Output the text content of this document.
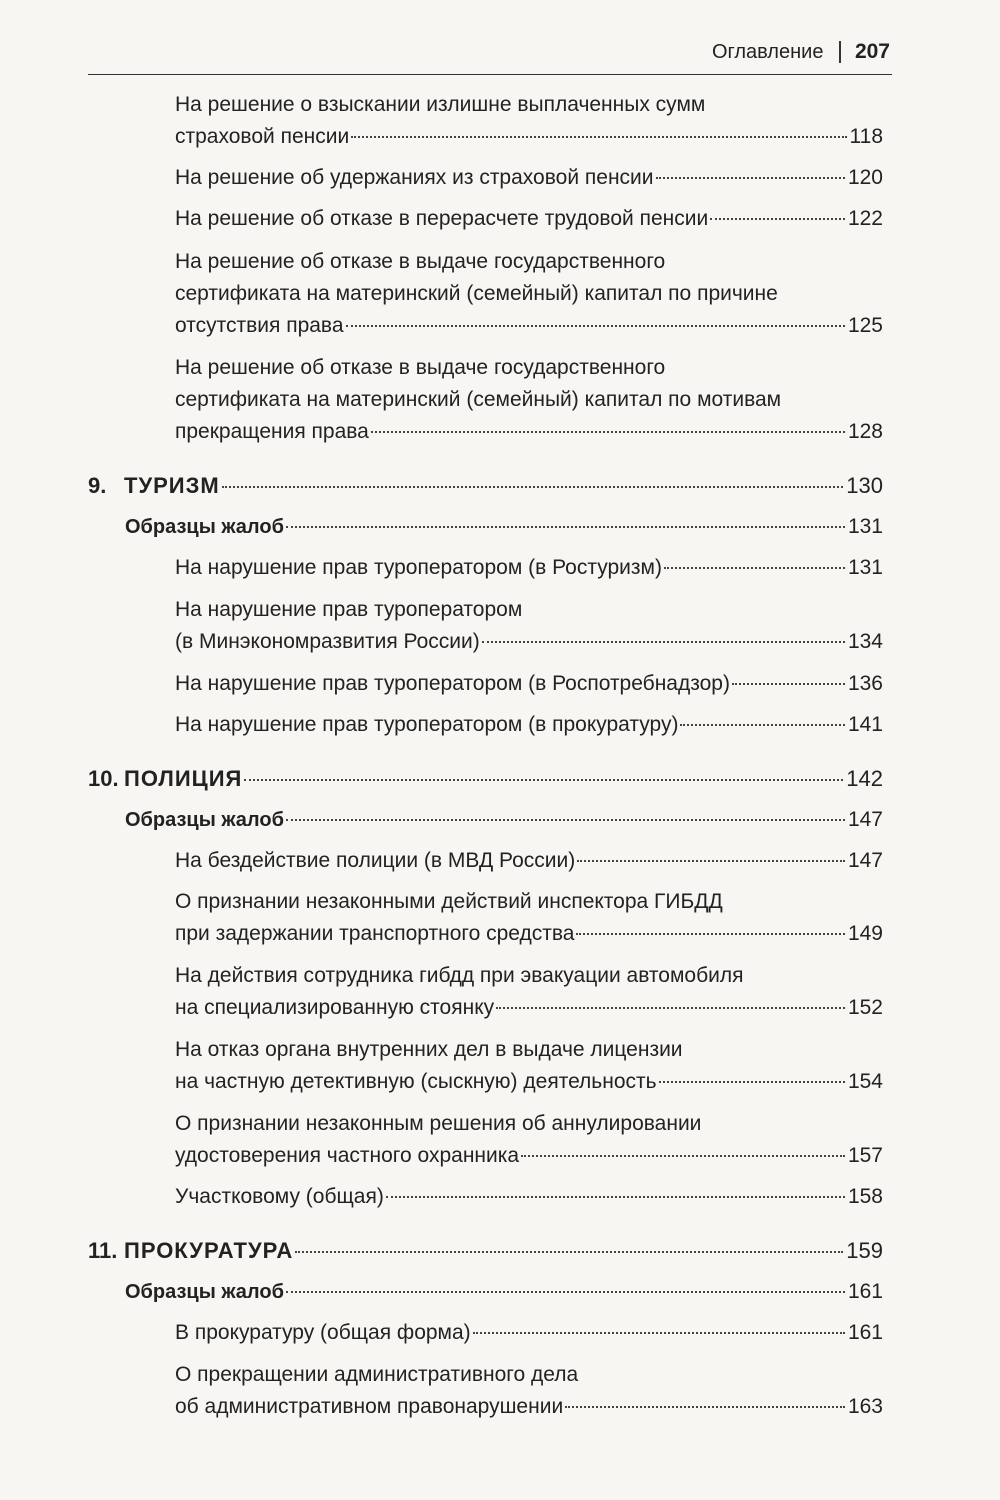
Оглавление 207
На решение о взыскании излишне выплаченных сумм
страховой пенсии	118
На решение об удержаниях из страховой пенсии	120
На решение об отказе в перерасчете трудовой пенсии	122
На решение об отказе в выдаче государственного
сертификата на материнский (семейный) капитал по причине
отсутствия права	125
На решение об отказе в выдаче государственного
сертификата на материнский (семейный) капитал по мотивам
прекращения права	128
9. ТУРИЗМ	130
Образцы жалоб	131
На нарушение прав туроператором (в Ростуризм)	131
На нарушение прав туроператором
(в Минэкономразвития России)	134
На нарушение прав туроператором (в Роспотребнадзор)	136
На нарушение прав туроператором (в прокуратуру)	141
10. ПОЛИЦИЯ	142
Образцы жалоб	147
На бездействие полиции (в МВД России)	147
О признании незаконными действий инспектора ГИБДД
при задержании транспортного средства	149
На действия сотрудника гибдд при эвакуации автомобиля
на специализированную стоянку	152
На отказ органа внутренних дел в выдаче лицензии
на частную детективную (сыскную) деятельность	154
О признании незаконным решения об аннулировании
удостоверения частного охранника	157
Участковому (общая)	158
11. ПРОКУРАТУРА	159
Образцы жалоб	161
В прокуратуру (общая форма)	161
О прекращении административного дела
об административном правонарушении	163
